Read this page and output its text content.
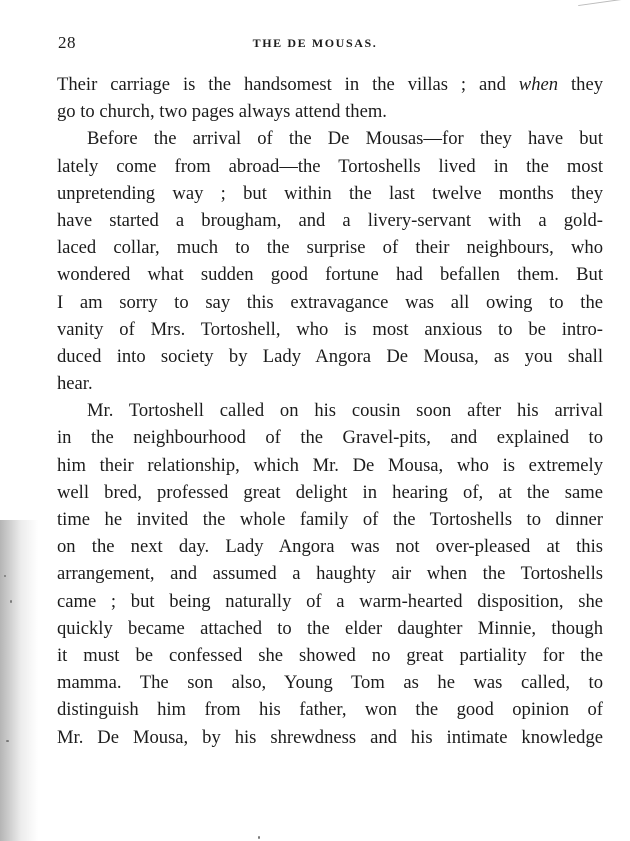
28	THE DE MOUSAS.
Their carriage is the handsomest in the villas ; and when they
go to church, two pages always attend them.
Before the arrival of the De Mousas—for they have but
lately come from abroad—the Tortoshells lived in the most
unpretending way ; but within the last twelve months they
have started a brougham, and a livery-servant with a gold-
laced collar, much to the surprise of their neighbours, who
wondered what sudden good fortune had befallen them. But
I am sorry to say this extravagance was all owing to the
vanity of Mrs. Tortoshell, who is most anxious to be intro-
duced into society by Lady Angora De Mousa, as you shall
hear.
Mr. Tortoshell called on his cousin soon after his arrival
in the neighbourhood of the Gravel-pits, and explained to
him their relationship, which Mr. De Mousa, who is extremely
well bred, professed great delight in hearing of, at the same
time he invited the whole family of the Tortoshells to dinner
on the next day. Lady Angora was not over-pleased at this
arrangement, and assumed a haughty air when the Tortoshells
came ; but being naturally of a warm-hearted disposition, she
quickly became attached to the elder daughter Minnie, though
it must be confessed she showed no great partiality for the
mamma. The son also, Young Tom as he was called, to
distinguish him from his father, won the good opinion of
Mr. De Mousa, by his shrewdness and his intimate knowledge
